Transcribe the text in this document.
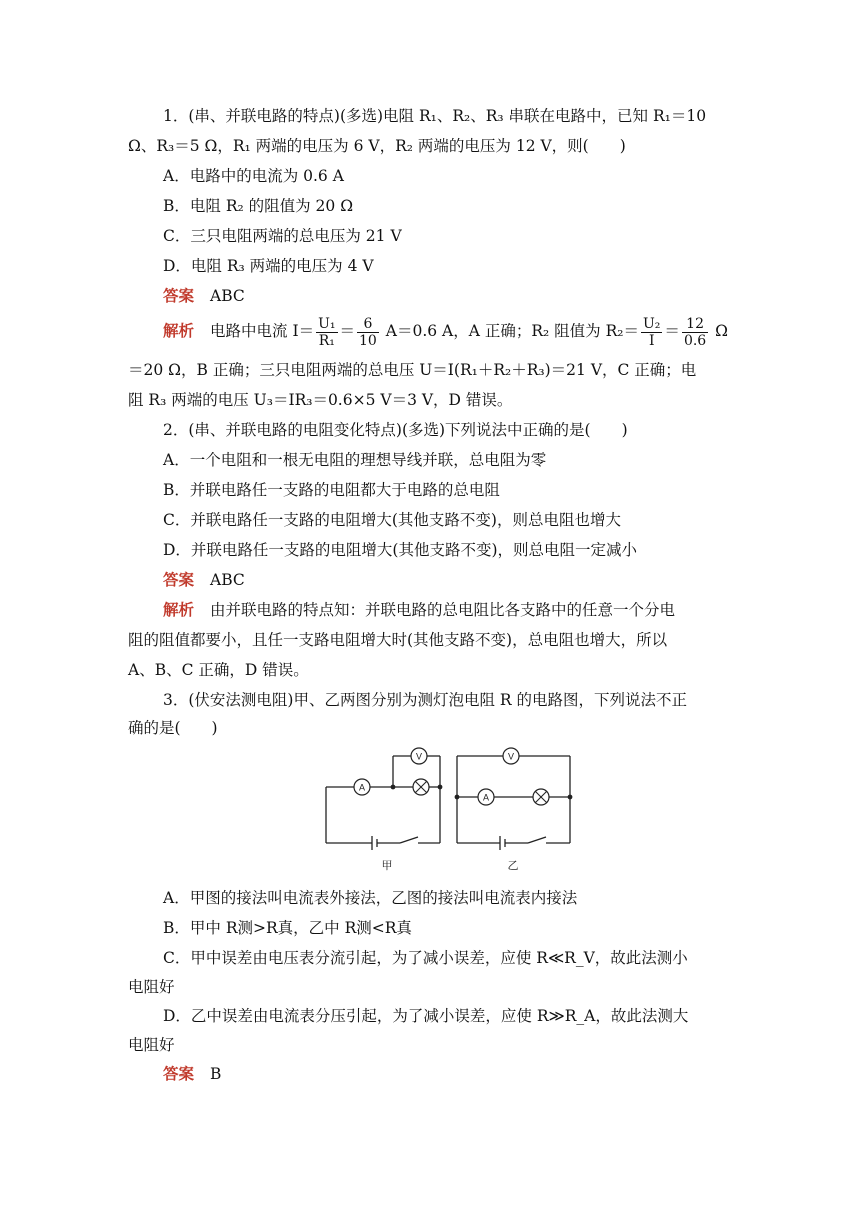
1．(串、并联电路的特点)(多选)电阻 R₁、R₂、R₃ 串联在电路中，已知 R₁＝10
Ω、R₃＝5 Ω，R₁ 两端的电压为 6 V，R₂ 两端的电压为 12 V，则(　　)
A．电路中的电流为 0.6 A
B．电阻 R₂ 的阻值为 20 Ω
C．三只电阻两端的总电压为 21 V
D．电阻 R₃ 两端的电压为 4 V
答案 ABC
解析 电路中电流 $I= \frac{\text{U₁}}{\text{R₁}} = \frac{6}{10} A=0.6$ A，A 正确；R₂ 阻值为 $R_2= \frac{\text{U₂}}{I} = \frac{12}{0.6}$ Ω
＝20 Ω，B 正确；三只电阻两端的总电压 U＝I(R₁＋R₂＋R₃)＝21 V，C 正确；电
阻 R₃ 两端的电压 U₃＝IR₃＝0.6×5 V＝3 V，D 错误。
2．(串、并联电路的电阻变化特点)(多选)下列说法中正确的是(　　)
A．一个电阻和一根无电阻的理想导线并联，总电阻为零
B．并联电路任一支路的电阻都大于电路的总电阻
C．并联电路任一支路的电阻增大(其他支路不变)，则总电阻也增大
D．并联电路任一支路的电阻增大(其他支路不变)，则总电阻一定减小
答案 ABC
解析 由并联电路的特点知：并联电路的总电阻比各支路中的任意一个分电
阻的阻值都要小，且任一支路电阻增大时(其他支路不变)，总电阻也增大，所以
A、B、C 正确，D 错误。
3．(伏安法测电阻)甲、乙两图分别为测灯泡电阻 R 的电路图，下列说法不正
确的是(　　)
A
V	V
A
甲	乙
A．甲图的接法叫电流表外接法，乙图的接法叫电流表内接法
B．甲中 R测>R真，乙中 R测<R真
C．甲中误差由电压表分流引起，为了减小误差，应使 R≪R_V，故此法测小
电阻好
D．乙中误差由电流表分压引起，为了减小误差，应使 R≫R_A，故此法测大
电阻好
答案 B
